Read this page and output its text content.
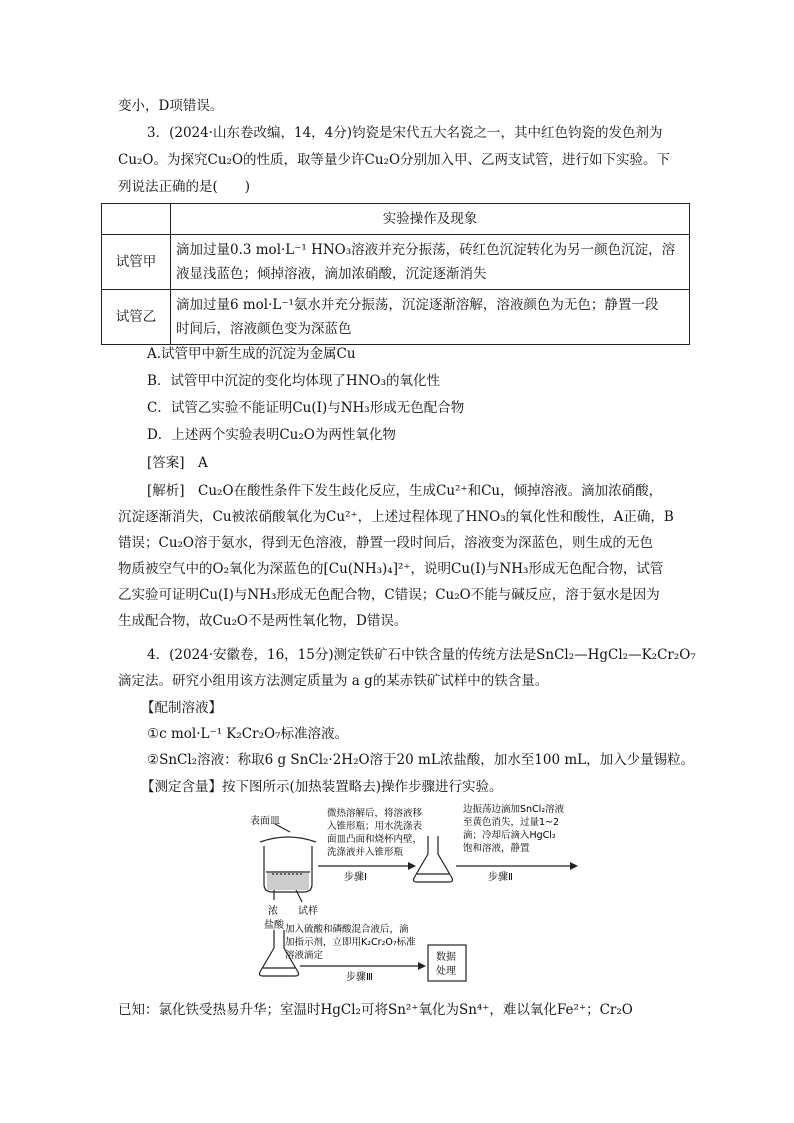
变小，D项错误。
3．(2024·山东卷改编，14，4分)钧瓷是宋代五大名瓷之一，其中红色钧瓷的发色剂为
Cu₂O。为探究Cu₂O的性质，取等量少许Cu₂O分别加入甲、乙两支试管，进行如下实验。下
列说法正确的是(　　)
	实验操作及现象
试管甲	滴加过量0.3 mol·L⁻¹ HNO₃溶液并充分振荡，砖红色沉淀转化为另一颜色沉淀，溶
液显浅蓝色；倾掉溶液，滴加浓硝酸，沉淀逐渐消失
试管乙	滴加过量6 mol·L⁻¹氨水并充分振荡，沉淀逐渐溶解，溶液颜色为无色；静置一段
时间后，溶液颜色变为深蓝色
A.试管甲中新生成的沉淀为金属Cu
B．试管甲中沉淀的变化均体现了HNO₃的氧化性
C．试管乙实验不能证明Cu(Ⅰ)与NH₃形成无色配合物
D．上述两个实验表明Cu₂O为两性氧化物
[答案]  A
[解析]　Cu₂O在酸性条件下发生歧化反应，生成Cu²⁺和Cu，倾掉溶液。滴加浓硝酸，
沉淀逐渐消失，Cu被浓硝酸氧化为Cu²⁺，上述过程体现了HNO₃的氧化性和酸性，A正确，B
错误；Cu₂O溶于氨水，得到无色溶液，静置一段时间后，溶液变为深蓝色，则生成的无色
物质被空气中的O₂氧化为深蓝色的[Cu(NH₃)₄]²⁺，说明Cu(Ⅰ)与NH₃形成无色配合物，试管
乙实验可证明Cu(Ⅰ)与NH₃形成无色配合物，C错误；Cu₂O不能与碱反应，溶于氨水是因为
生成配合物，故Cu₂O不是两性氧化物，D错误。
4．(2024·安徽卷，16，15分)测定铁矿石中铁含量的传统方法是SnCl₂—HgCl₂—K₂Cr₂O₇
滴定法。研究小组用该方法测定质量为 a g的某赤铁矿试样中的铁含量。
【配制溶液】
①c mol·L⁻¹ K₂Cr₂O₇标准溶液。
②SnCl₂溶液：称取6 g SnCl₂·2H₂O溶于20 mL浓盐酸，加水至100 mL，加入少量锡粒。
【测定含量】按下图所示(加热装置略去)操作步骤进行实验。
表面皿
浓
盐酸
试样
微热溶解后，将溶液移
入锥形瓶；用水洗涤表
面皿凸面和烧杯内壁，
洗涤液并入锥形瓶
步骤Ⅰ
边振荡边滴加SnCl₂溶液
至黄色消失，过量1~2
滴；冷却后滴入HgCl₂
饱和溶液，静置
步骤Ⅱ
加入硫酸和磷酸混合液后，滴
加指示剂，立即用K₂Cr₂O₇标准
溶液滴定
步骤Ⅲ
数据
处理
已知：氯化铁受热易升华；室温时HgCl₂可将Sn²⁺氧化为Sn⁴⁺，难以氧化Fe²⁺；Cr₂O
